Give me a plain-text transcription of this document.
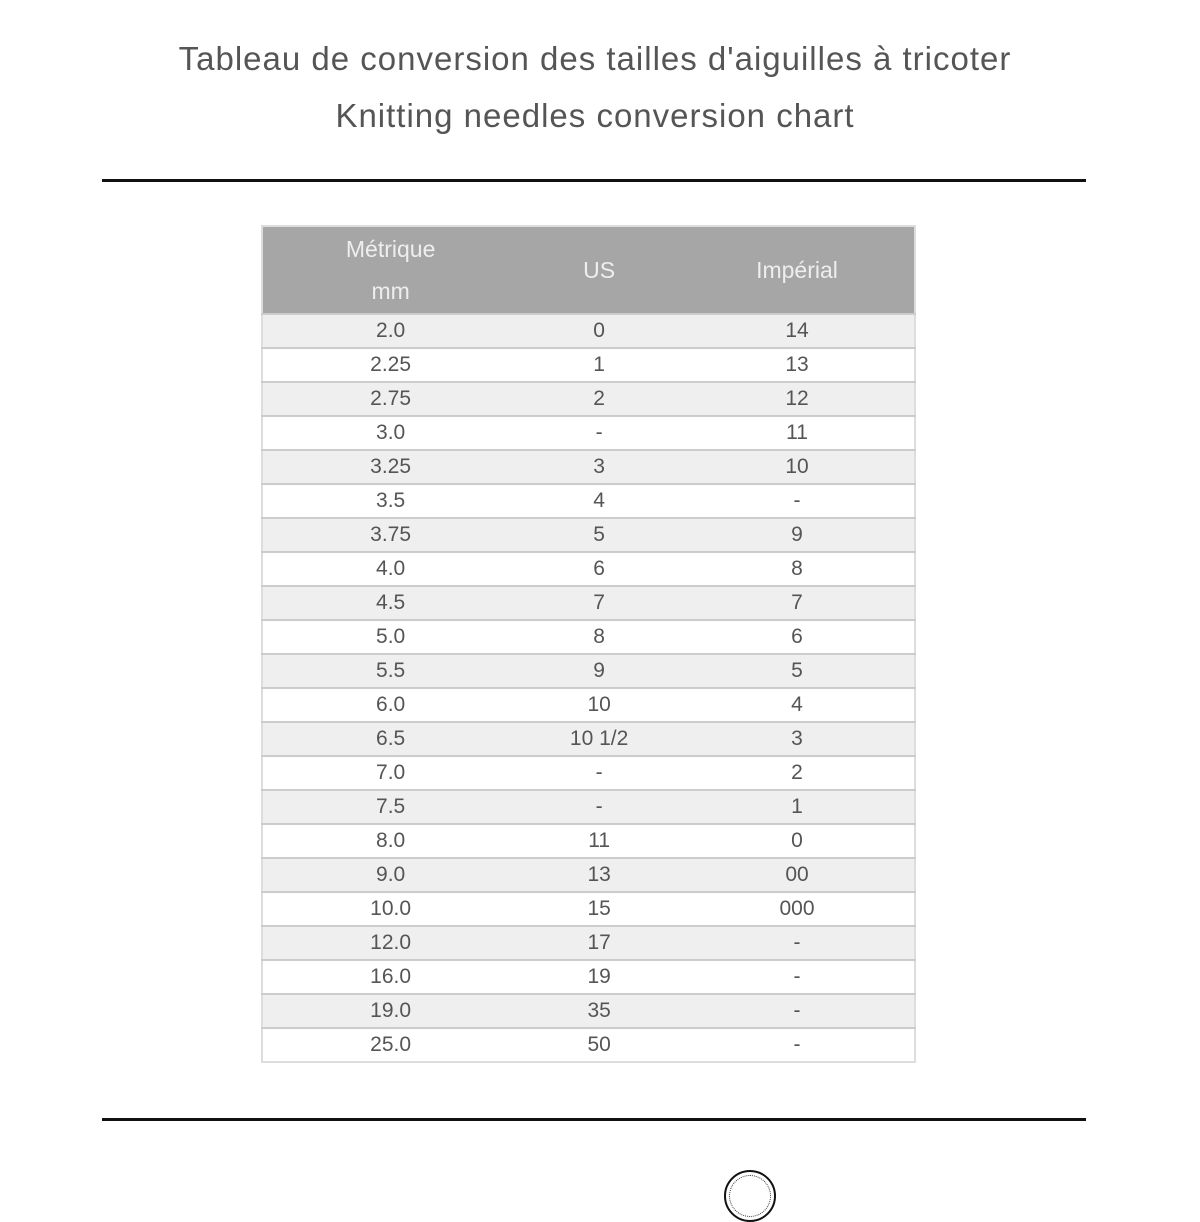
Tableau de conversion des tailles d'aiguilles à tricoter
Knitting needles conversion chart
Métrique
mm	US	Impérial
2.0	0	14
2.25	1	13
2.75	2	12
3.0	-	11
3.25	3	10
3.5	4	-
3.75	5	9
4.0	6	8
4.5	7	7
5.0	8	6
5.5	9	5
6.0	10	4
6.5	10 1/2	3
7.0	-	2
7.5	-	1
8.0	11	0
9.0	13	00
10.0	15	000
12.0	17	-
16.0	19	-
19.0	35	-
25.0	50	-
